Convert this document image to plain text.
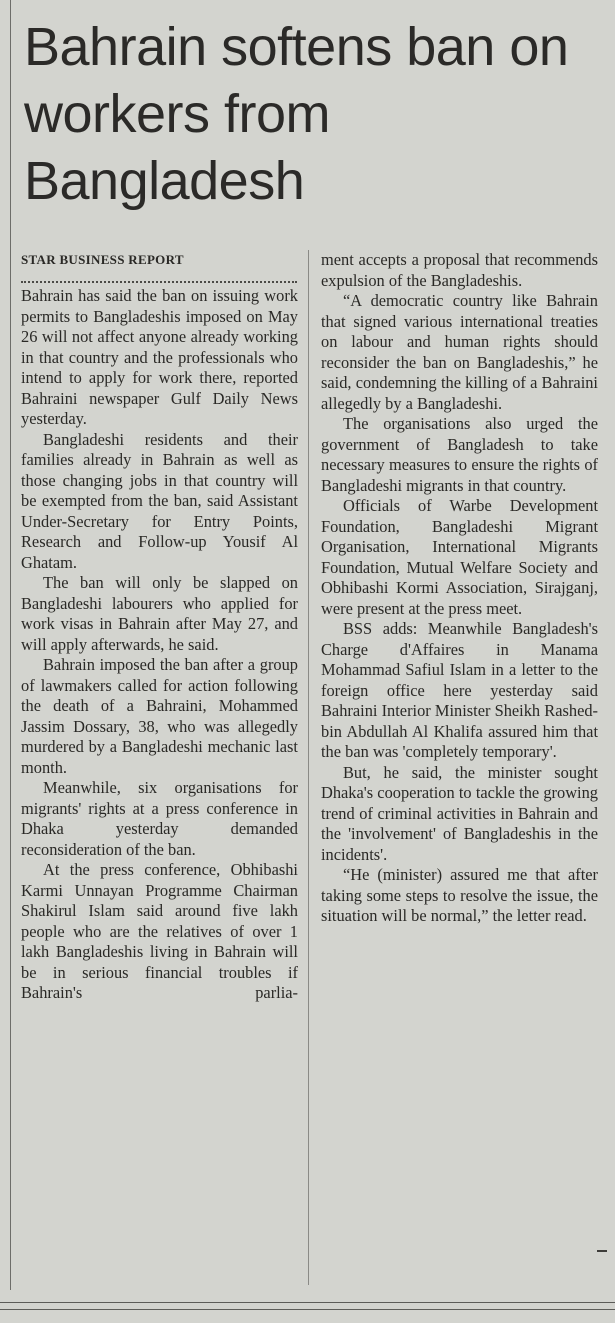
Bahrain softens ban on workers from Bangladesh
STAR BUSINESS REPORT

Bahrain has said the ban on issuing work permits to Bangladeshis imposed on May 26 will not affect anyone already working in that country and the professionals who intend to apply for work there, reported Bahraini newspaper Gulf Daily News yesterday.

Bangladeshi residents and their families already in Bahrain as well as those changing jobs in that country will be exempted from the ban, said Assistant Under-Secretary for Entry Points, Research and Follow-up Yousif Al Ghatam.

The ban will only be slapped on Bangladeshi labourers who applied for work visas in Bahrain after May 27, and will apply afterwards, he said.

Bahrain imposed the ban after a group of lawmakers called for action following the death of a Bahraini, Mohammed Jassim Dossary, 38, who was allegedly murdered by a Bangladeshi mechanic last month.

Meanwhile, six organisations for migrants' rights at a press conference in Dhaka yesterday demanded reconsideration of the ban.

At the press conference, Obhibashi Karmi Unnayan Programme Chairman Shakirul Islam said around five lakh people who are the relatives of over 1 lakh Bangladeshis living in Bahrain will be in serious financial troubles if Bahrain's parlia-

ment accepts a proposal that recommends expulsion of the Bangladeshis.

“A democratic country like Bahrain that signed various international treaties on labour and human rights should reconsider the ban on Bangladeshis,” he said, condemning the killing of a Bahraini allegedly by a Bangladeshi.

The organisations also urged the government of Bangladesh to take necessary measures to ensure the rights of Bangladeshi migrants in that country.

Officials of Warbe Development Foundation, Bangladeshi Migrant Organisation, International Migrants Foundation, Mutual Welfare Society and Obhibashi Kormi Association, Sirajganj, were present at the press meet.

BSS adds: Meanwhile Bangladesh's Charge d'Affaires in Manama Mohammad Safiul Islam in a letter to the foreign office here yesterday said Bahraini Interior Minister Sheikh Rashed-bin Abdullah Al Khalifa assured him that the ban was 'completely temporary'.

But, he said, the minister sought Dhaka's cooperation to tackle the growing trend of criminal activities in Bahrain and the 'involvement' of Bangladeshis in the incidents'.

“He (minister) assured me that after taking some steps to resolve the issue, the situation will be normal,” the letter read.
